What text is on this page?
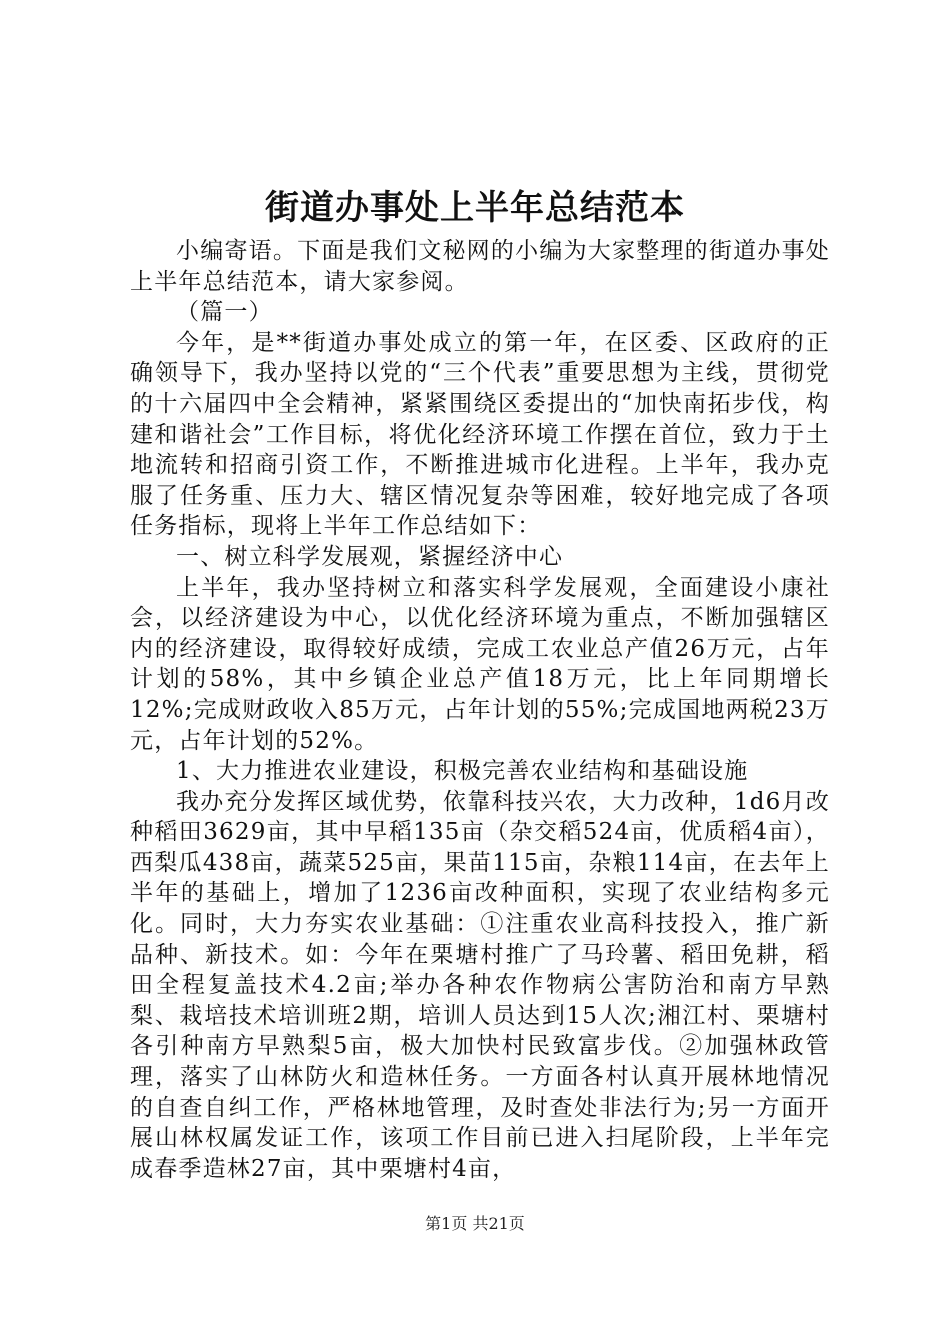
街道办事处上半年总结范本

小编寄语。下面是我们文秘网的小编为大家整理的街道办事处上半年总结范本，请大家参阅。

（篇一）

今年，是**街道办事处成立的第一年，在区委、区政府的正确领导下，我办坚持以党的“三个代表”重要思想为主线，贯彻党的十六届四中全会精神，紧紧围绕区委提出的“加快南拓步伐，构建和谐社会”工作目标，将优化经济环境工作摆在首位，致力于土地流转和招商引资工作，不断推进城市化进程。上半年，我办克服了任务重、压力大、辖区情况复杂等困难，较好地完成了各项任务指标，现将上半年工作总结如下：

一、树立科学发展观，紧握经济中心

上半年，我办坚持树立和落实科学发展观，全面建设小康社会，以经济建设为中心，以优化经济环境为重点，不断加强辖区内的经济建设，取得较好成绩，完成工农业总产值26万元，占年计划的58%，其中乡镇企业总产值18万元，比上年同期增长12%;完成财政收入85万元，占年计划的55%;完成国地两税23万元，占年计划的52%。

1、大力推进农业建设，积极完善农业结构和基础设施

我办充分发挥区域优势，依靠科技兴农，大力改种，1d6月改种稻田3629亩，其中早稻135亩（杂交稻524亩，优质稻4亩），西梨瓜438亩，蔬菜525亩，果苗115亩，杂粮114亩，在去年上半年的基础上，增加了1236亩改种面积，实现了农业结构多元化。同时，大力夯实农业基础：①注重农业高科技投入，推广新品种、新技术。如：今年在栗塘村推广了马玲薯、稻田免耕，稻田全程复盖技术4.2亩;举办各种农作物病公害防治和南方早熟梨、栽培技术培训班2期，培训人员达到15人次;湘江村、栗塘村各引种南方早熟梨5亩，极大加快村民致富步伐。②加强林政管理，落实了山林防火和造林任务。一方面各村认真开展林地情况的自查自纠工作，严格林地管理，及时查处非法行为;另一方面开展山林权属发证工作，该项工作目前已进入扫尾阶段，上半年完成春季造林27亩，其中栗塘村4亩，

第1页 共21页
